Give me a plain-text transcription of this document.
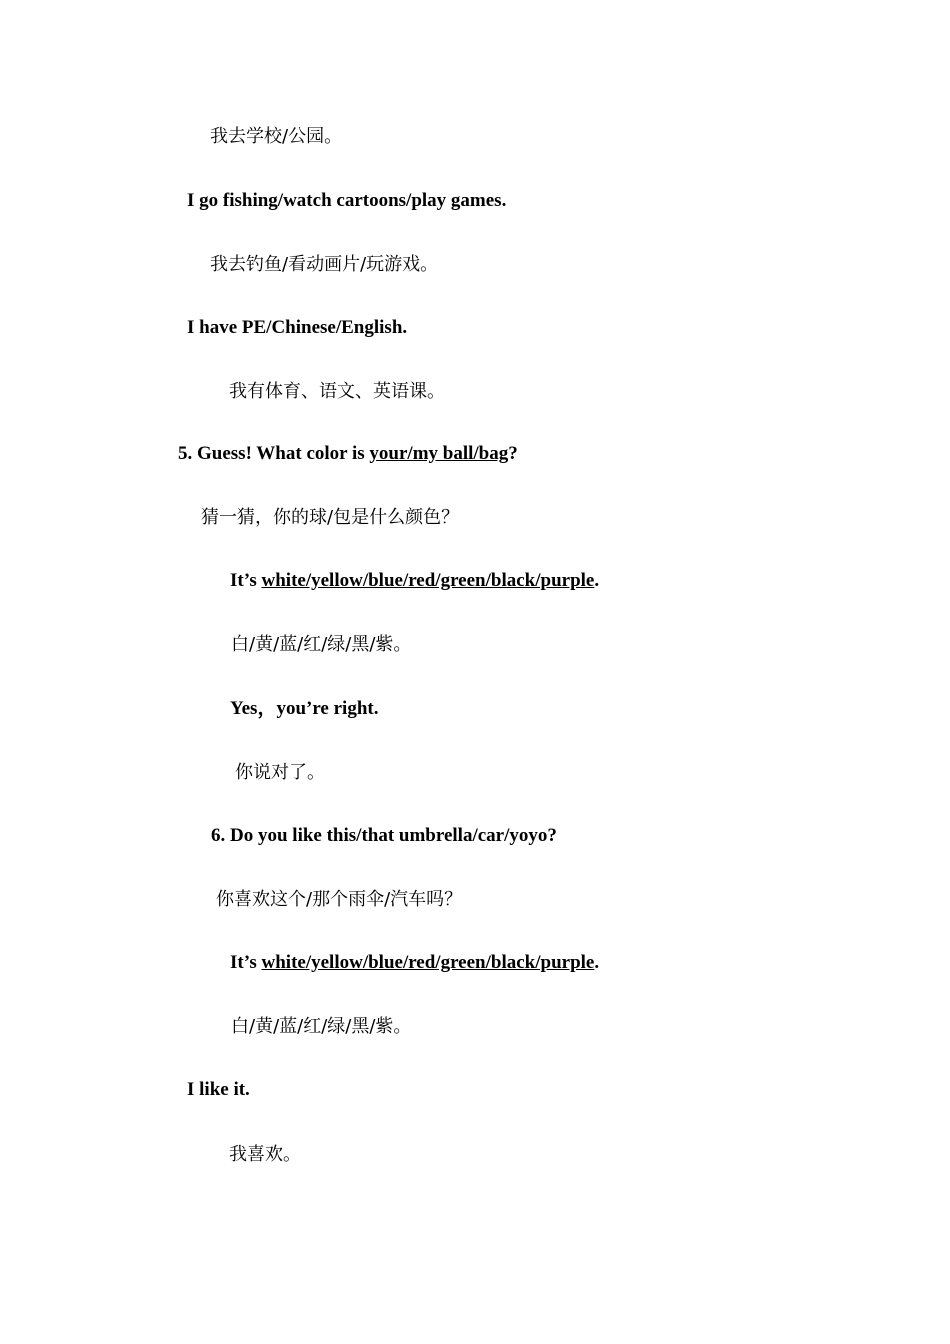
我去学校/公园。
I go fishing/watch cartoons/play games.
我去钓鱼/看动画片/玩游戏。
I have PE/Chinese/English.
我有体育、语文、英语课。
5. Guess! What color is your/my ball/bag?
猜一猜，你的球/包是什么颜色？
It’s white/yellow/blue/red/green/black/purple.
白/黄/蓝/红/绿/黑/紫。
Yes，you’re right.
你说对了。
6. Do you like this/that umbrella/car/yoyo?
你喜欢这个/那个雨伞/汽车吗？
It’s white/yellow/blue/red/green/black/purple.
白/黄/蓝/红/绿/黑/紫。
I like it.
我喜欢。
